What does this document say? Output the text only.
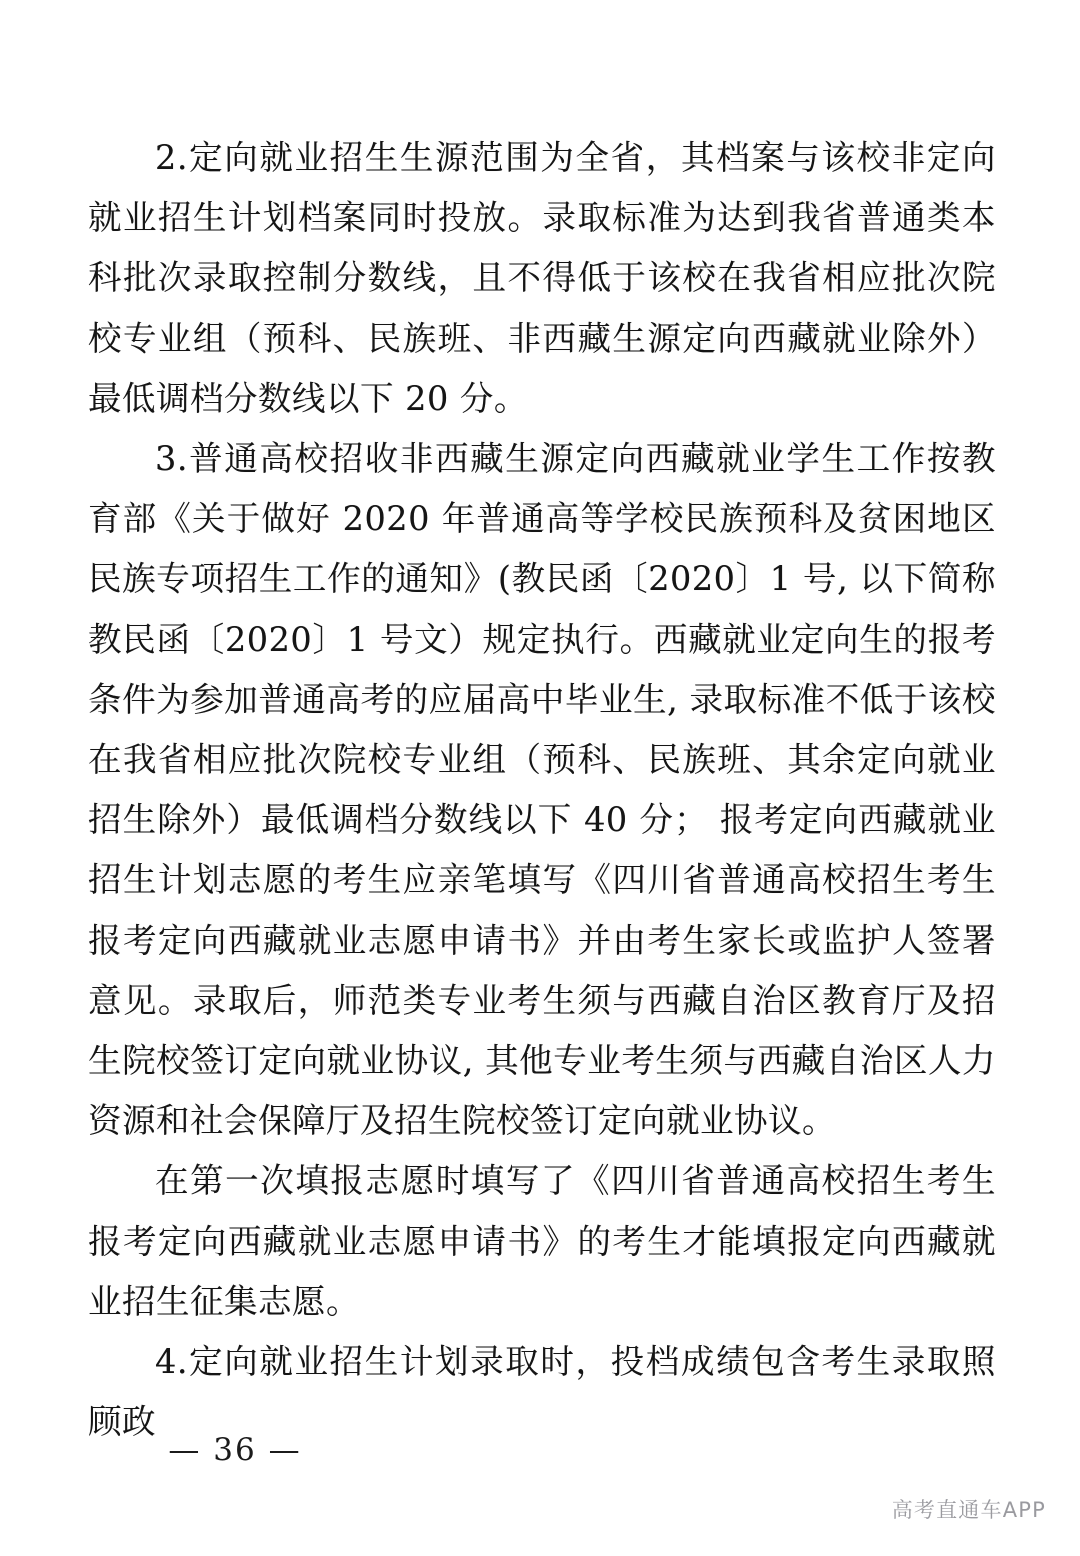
2.定向就业招生生源范围为全省，其档案与该校非定向就业招生计划档案同时投放。录取标准为达到我省普通类本科批次录取控制分数线，且不得低于该校在我省相应批次院校专业组（预科、民族班、非西藏生源定向西藏就业除外）最低调档分数线以下 20 分。

3.普通高校招收非西藏生源定向西藏就业学生工作按教育部《关于做好 2020 年普通高等学校民族预科及贫困地区民族专项招生工作的通知》(教民函〔2020〕1 号, 以下简称教民函〔2020〕1 号文）规定执行。西藏就业定向生的报考条件为参加普通高考的应届高中毕业生, 录取标准不低于该校在我省相应批次院校专业组（预科、民族班、其余定向就业招生除外）最低调档分数线以下 40 分； 报考定向西藏就业招生计划志愿的考生应亲笔填写《四川省普通高校招生考生报考定向西藏就业志愿申请书》并由考生家长或监护人签署意见。录取后，师范类专业考生须与西藏自治区教育厅及招生院校签订定向就业协议, 其他专业考生须与西藏自治区人力资源和社会保障厅及招生院校签订定向就业协议。

在第一次填报志愿时填写了《四川省普通高校招生考生报考定向西藏就业志愿申请书》的考生才能填报定向西藏就业招生征集志愿。

4.定向就业招生计划录取时，投档成绩包含考生录取照顾政

— 36 —
高考直通车APP
